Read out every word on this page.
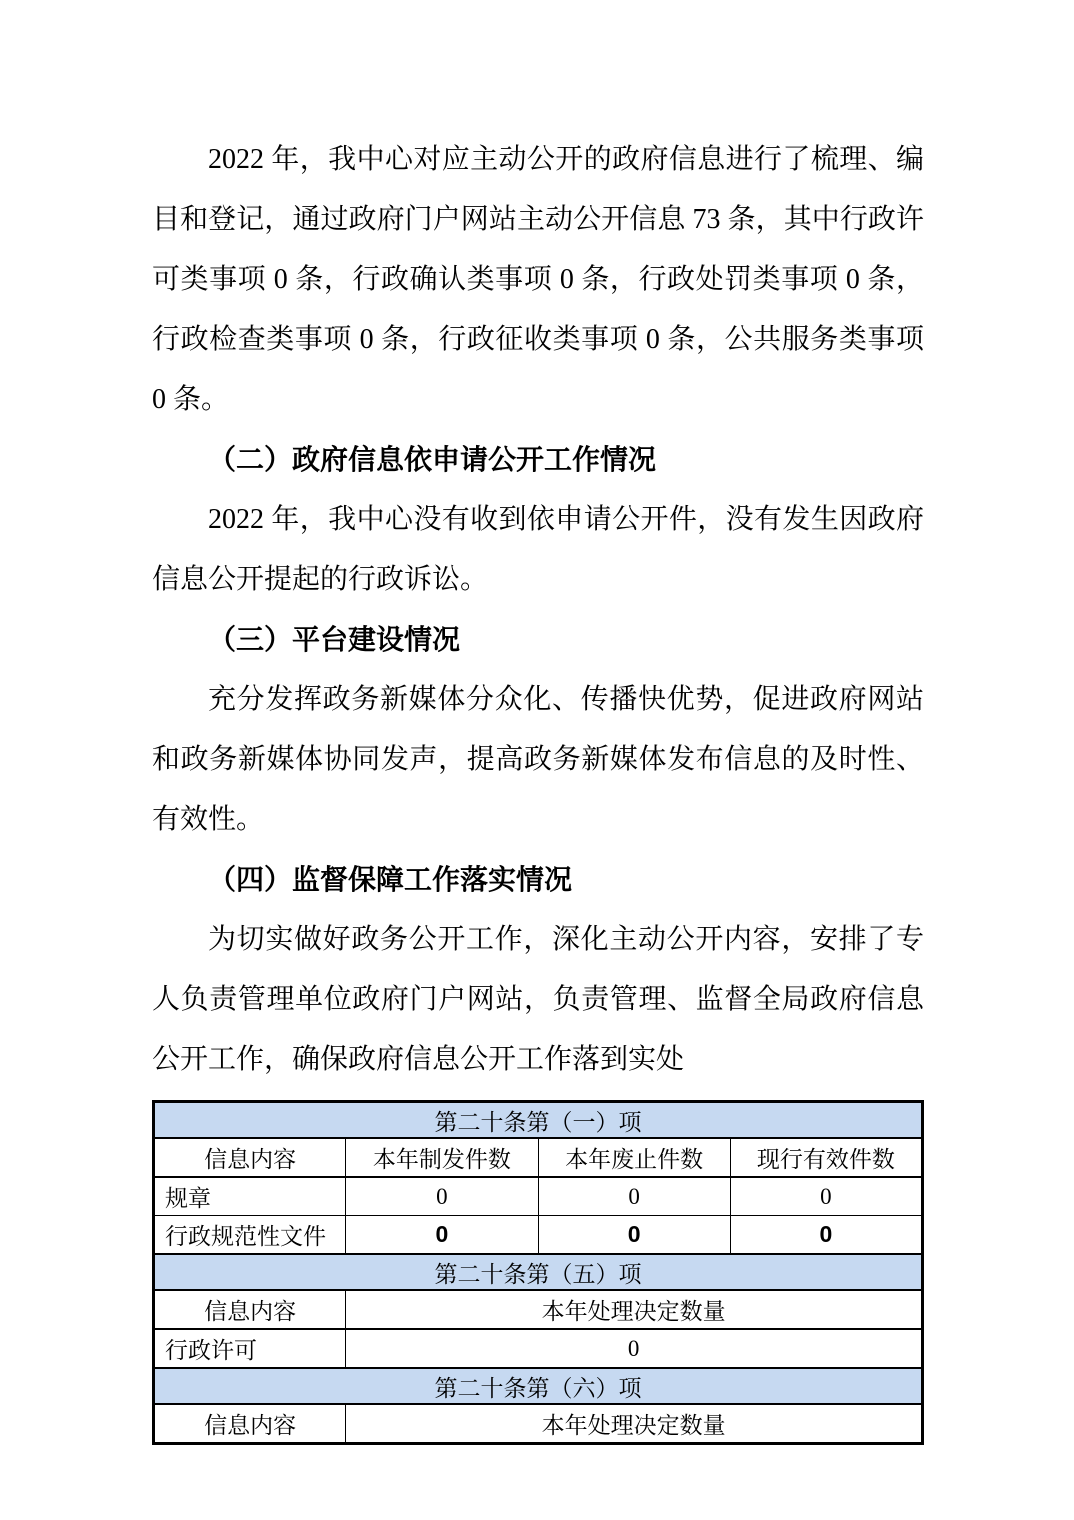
2022 年，我中心对应主动公开的政府信息进行了梳理、编目和登记，通过政府门户网站主动公开信息 73 条，其中行政许可类事项 0 条，行政确认类事项 0 条，行政处罚类事项 0 条，行政检查类事项 0 条，行政征收类事项 0 条，公共服务类事项 0 条。

（二）政府信息依申请公开工作情况

2022 年，我中心没有收到依申请公开件，没有发生因政府信息公开提起的行政诉讼。

（三）平台建设情况

充分发挥政务新媒体分众化、传播快优势，促进政府网站和政务新媒体协同发声，提高政务新媒体发布信息的及时性、有效性。

（四）监督保障工作落实情况

为切实做好政务公开工作，深化主动公开内容，安排了专人负责管理单位政府门户网站，负责管理、监督全局政府信息公开工作，确保政府信息公开工作落到实处

第二十条第（一）项			
信息内容	本年制发件数	本年废止件数	现行有效件数
规章	0	0	0
行政规范性文件	0	0	0
第二十条第（五）项			
信息内容	本年处理决定数量		
行政许可	0		
第二十条第（六）项			
信息内容	本年处理决定数量		
